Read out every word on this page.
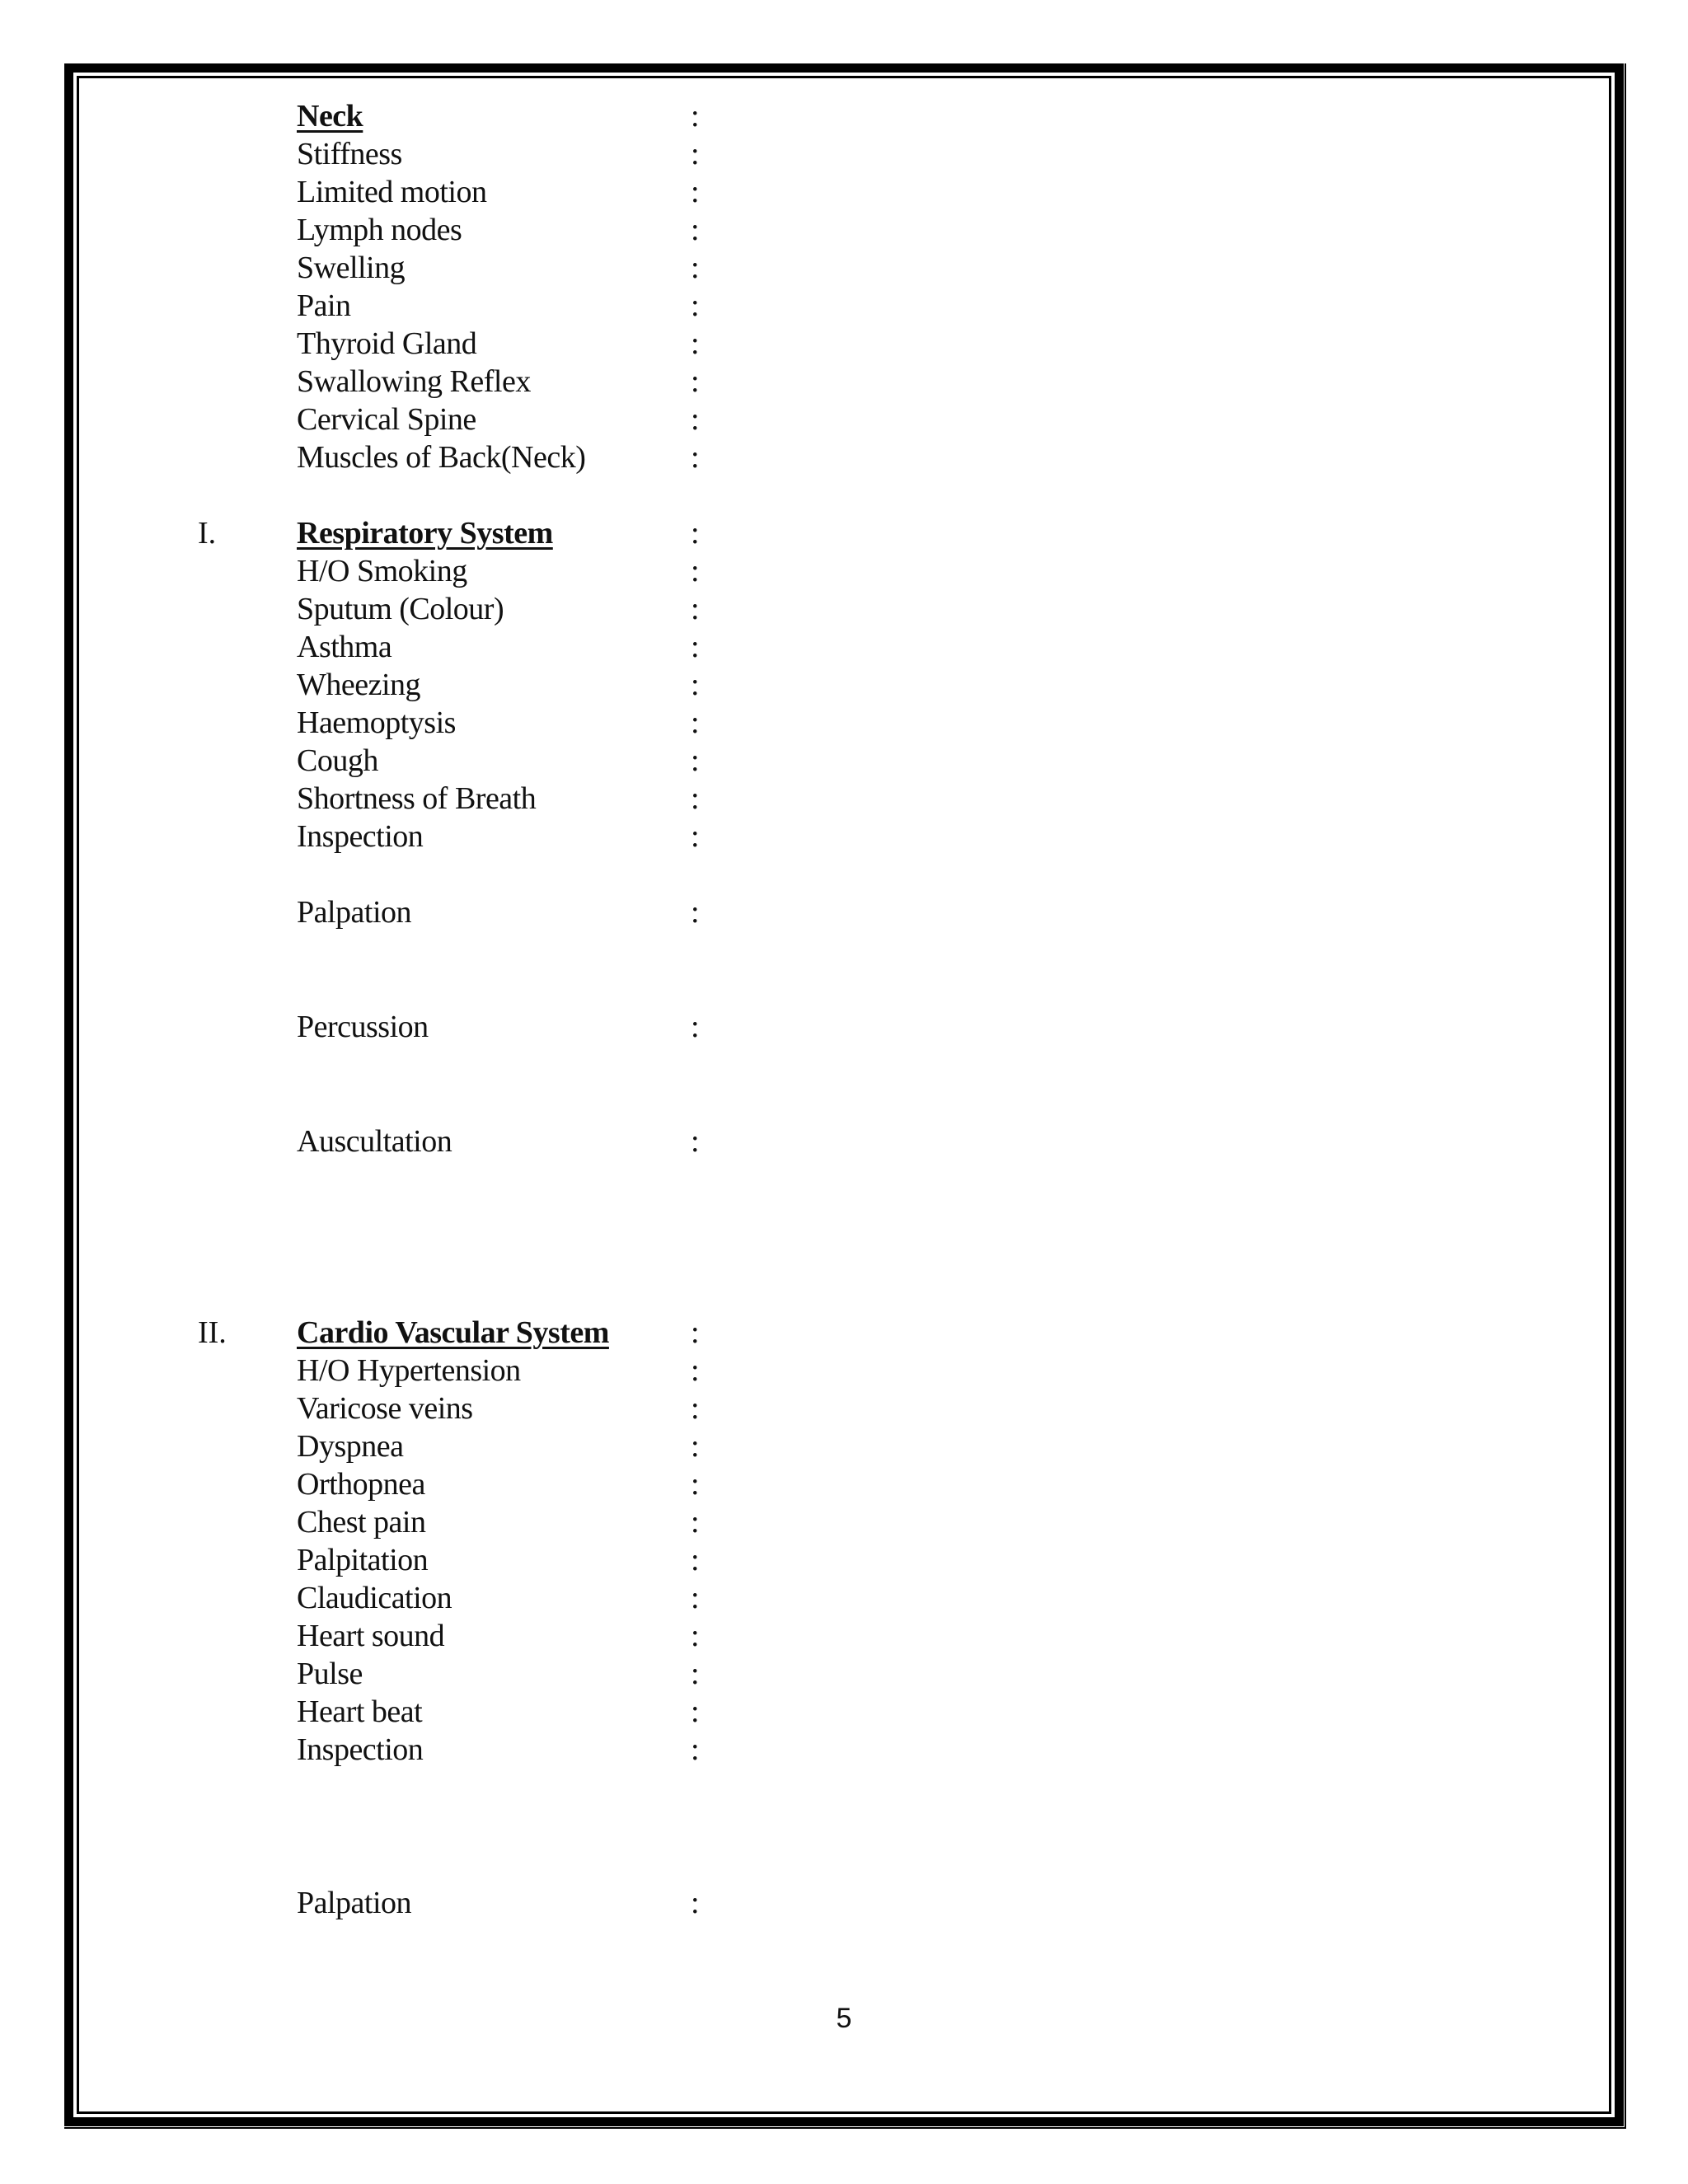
Neck	:
Stiffness	:
Limited motion	:
Lymph nodes	:
Swelling	:
Pain	:
Thyroid Gland	:
Swallowing Reflex	:
Cervical Spine	:
Muscles of Back(Neck)	:
I.	Respiratory System	:
H/O Smoking	:
Sputum (Colour)	:
Asthma	:
Wheezing	:
Haemoptysis	:
Cough	:
Shortness of Breath	:
Inspection	:
Palpation	:
Percussion	:
Auscultation	:
II. Cardio Vascular System	:
H/O Hypertension	:
Varicose veins	:
Dyspnea	:
Orthopnea	:
Chest pain	:
Palpitation	:
Claudication	:
Heart sound	:
Pulse	:
Heart beat	:
Inspection	:
Palpation	:
5
